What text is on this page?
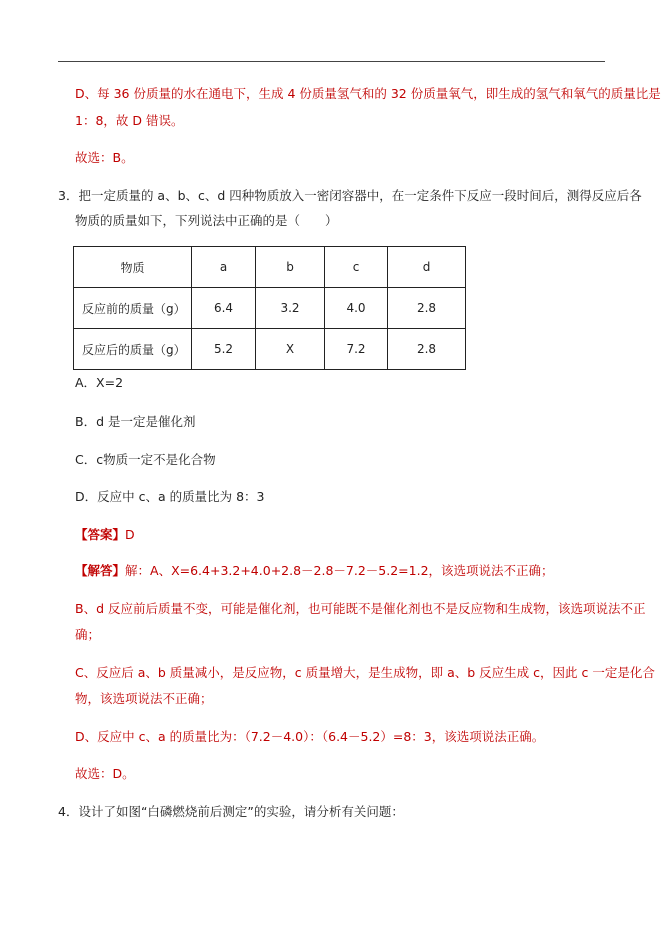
D、每 36 份质量的水在通电下，生成 4 份质量氢气和的 32 份质量氧气，即生成的氢气和氧气的质量比是
1：8，故 D 错误。
故选：B。
3．把一定质量的 a、b、c、d 四种物质放入一密闭容器中，在一定条件下反应一段时间后，测得反应后各
物质的质量如下，下列说法中正确的是（　　）
物质	a	b	c	d
反应前的质量（g）	6.4	3.2	4.0	2.8
反应后的质量（g）	5.2	X	7.2	2.8
A．X=2
B．d 是一定是催化剂
C．c物质一定不是化合物
D．反应中 c、a 的质量比为 8：3
【答案】D
【解答】解：A、X=6.4+3.2+4.0+2.8－2.8－7.2－5.2=1.2，该选项说法不正确；
B、d 反应前后质量不变，可能是催化剂，也可能既不是催化剂也不是反应物和生成物，该选项说法不正
确；
C、反应后 a、b 质量减小，是反应物，c 质量增大，是生成物，即 a、b 反应生成 c，因此 c 一定是化合
物，该选项说法不正确；
D、反应中 c、a 的质量比为：（7.2－4.0）：（6.4－5.2）=8：3，该选项说法正确。
故选：D。
4．设计了如图“白磷燃烧前后测定”的实验，请分析有关问题：
